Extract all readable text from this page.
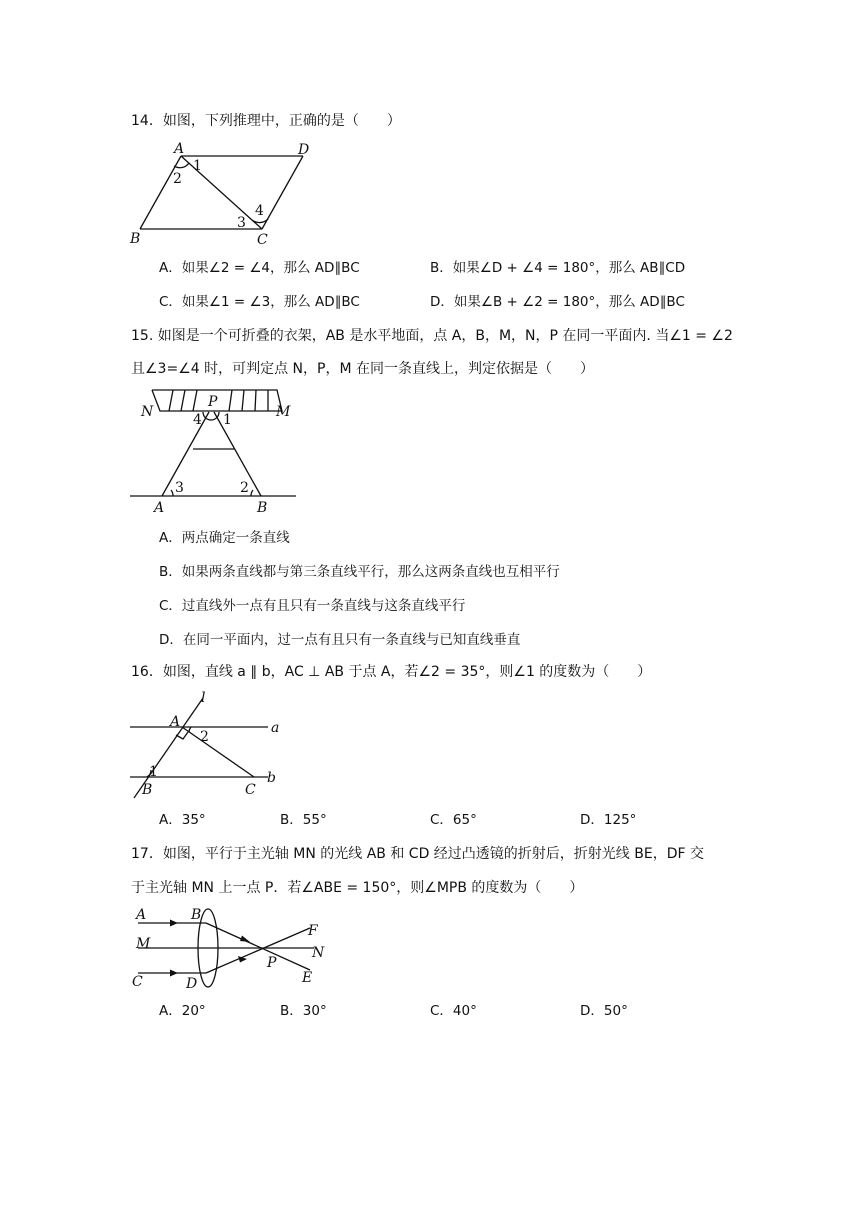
14．如图，下列推理中，正确的是（　　）
A	D
B	C
1
2
3
4
A．如果∠2 = ∠4，那么 AD∥BC	B．如果∠D + ∠4 = 180°，那么 AB∥CD
C．如果∠1 = ∠3，那么 AD∥BC	D．如果∠B + ∠2 = 180°，那么 AD∥BC
15. 如图是一个可折叠的衣架，AB 是水平地面，点 A，B，M，N，P 在同一平面内. 当∠1 = ∠2
且∠3=∠4 时，可判定点 N，P，M 在同一条直线上，判定依据是（　　）
P
N	M
4 1
3	2
A	B
A．两点确定一条直线
B．如果两条直线都与第三条直线平行，那么这两条直线也互相平行
C．过直线外一点有且只有一条直线与这条直线平行
D．在同一平面内，过一点有且只有一条直线与已知直线垂直
16．如图，直线 a ∥ b，AC ⊥ AB 于点 A，若∠2 = 35°，则∠1 的度数为（　　）
l
A	a
b
B	C
2
1
A．35°	B．55°	C．65°	D．125°
17．如图，平行于主光轴 MN 的光线 AB 和 CD 经过凸透镜的折射后，折射光线 BE，DF 交
于主光轴 MN 上一点 P．若∠ABE = 150°，则∠MPB 的度数为（　　）
A	B
M
C	D
P
F
N
E
A．20°	B．30°	C．40°	D．50°
